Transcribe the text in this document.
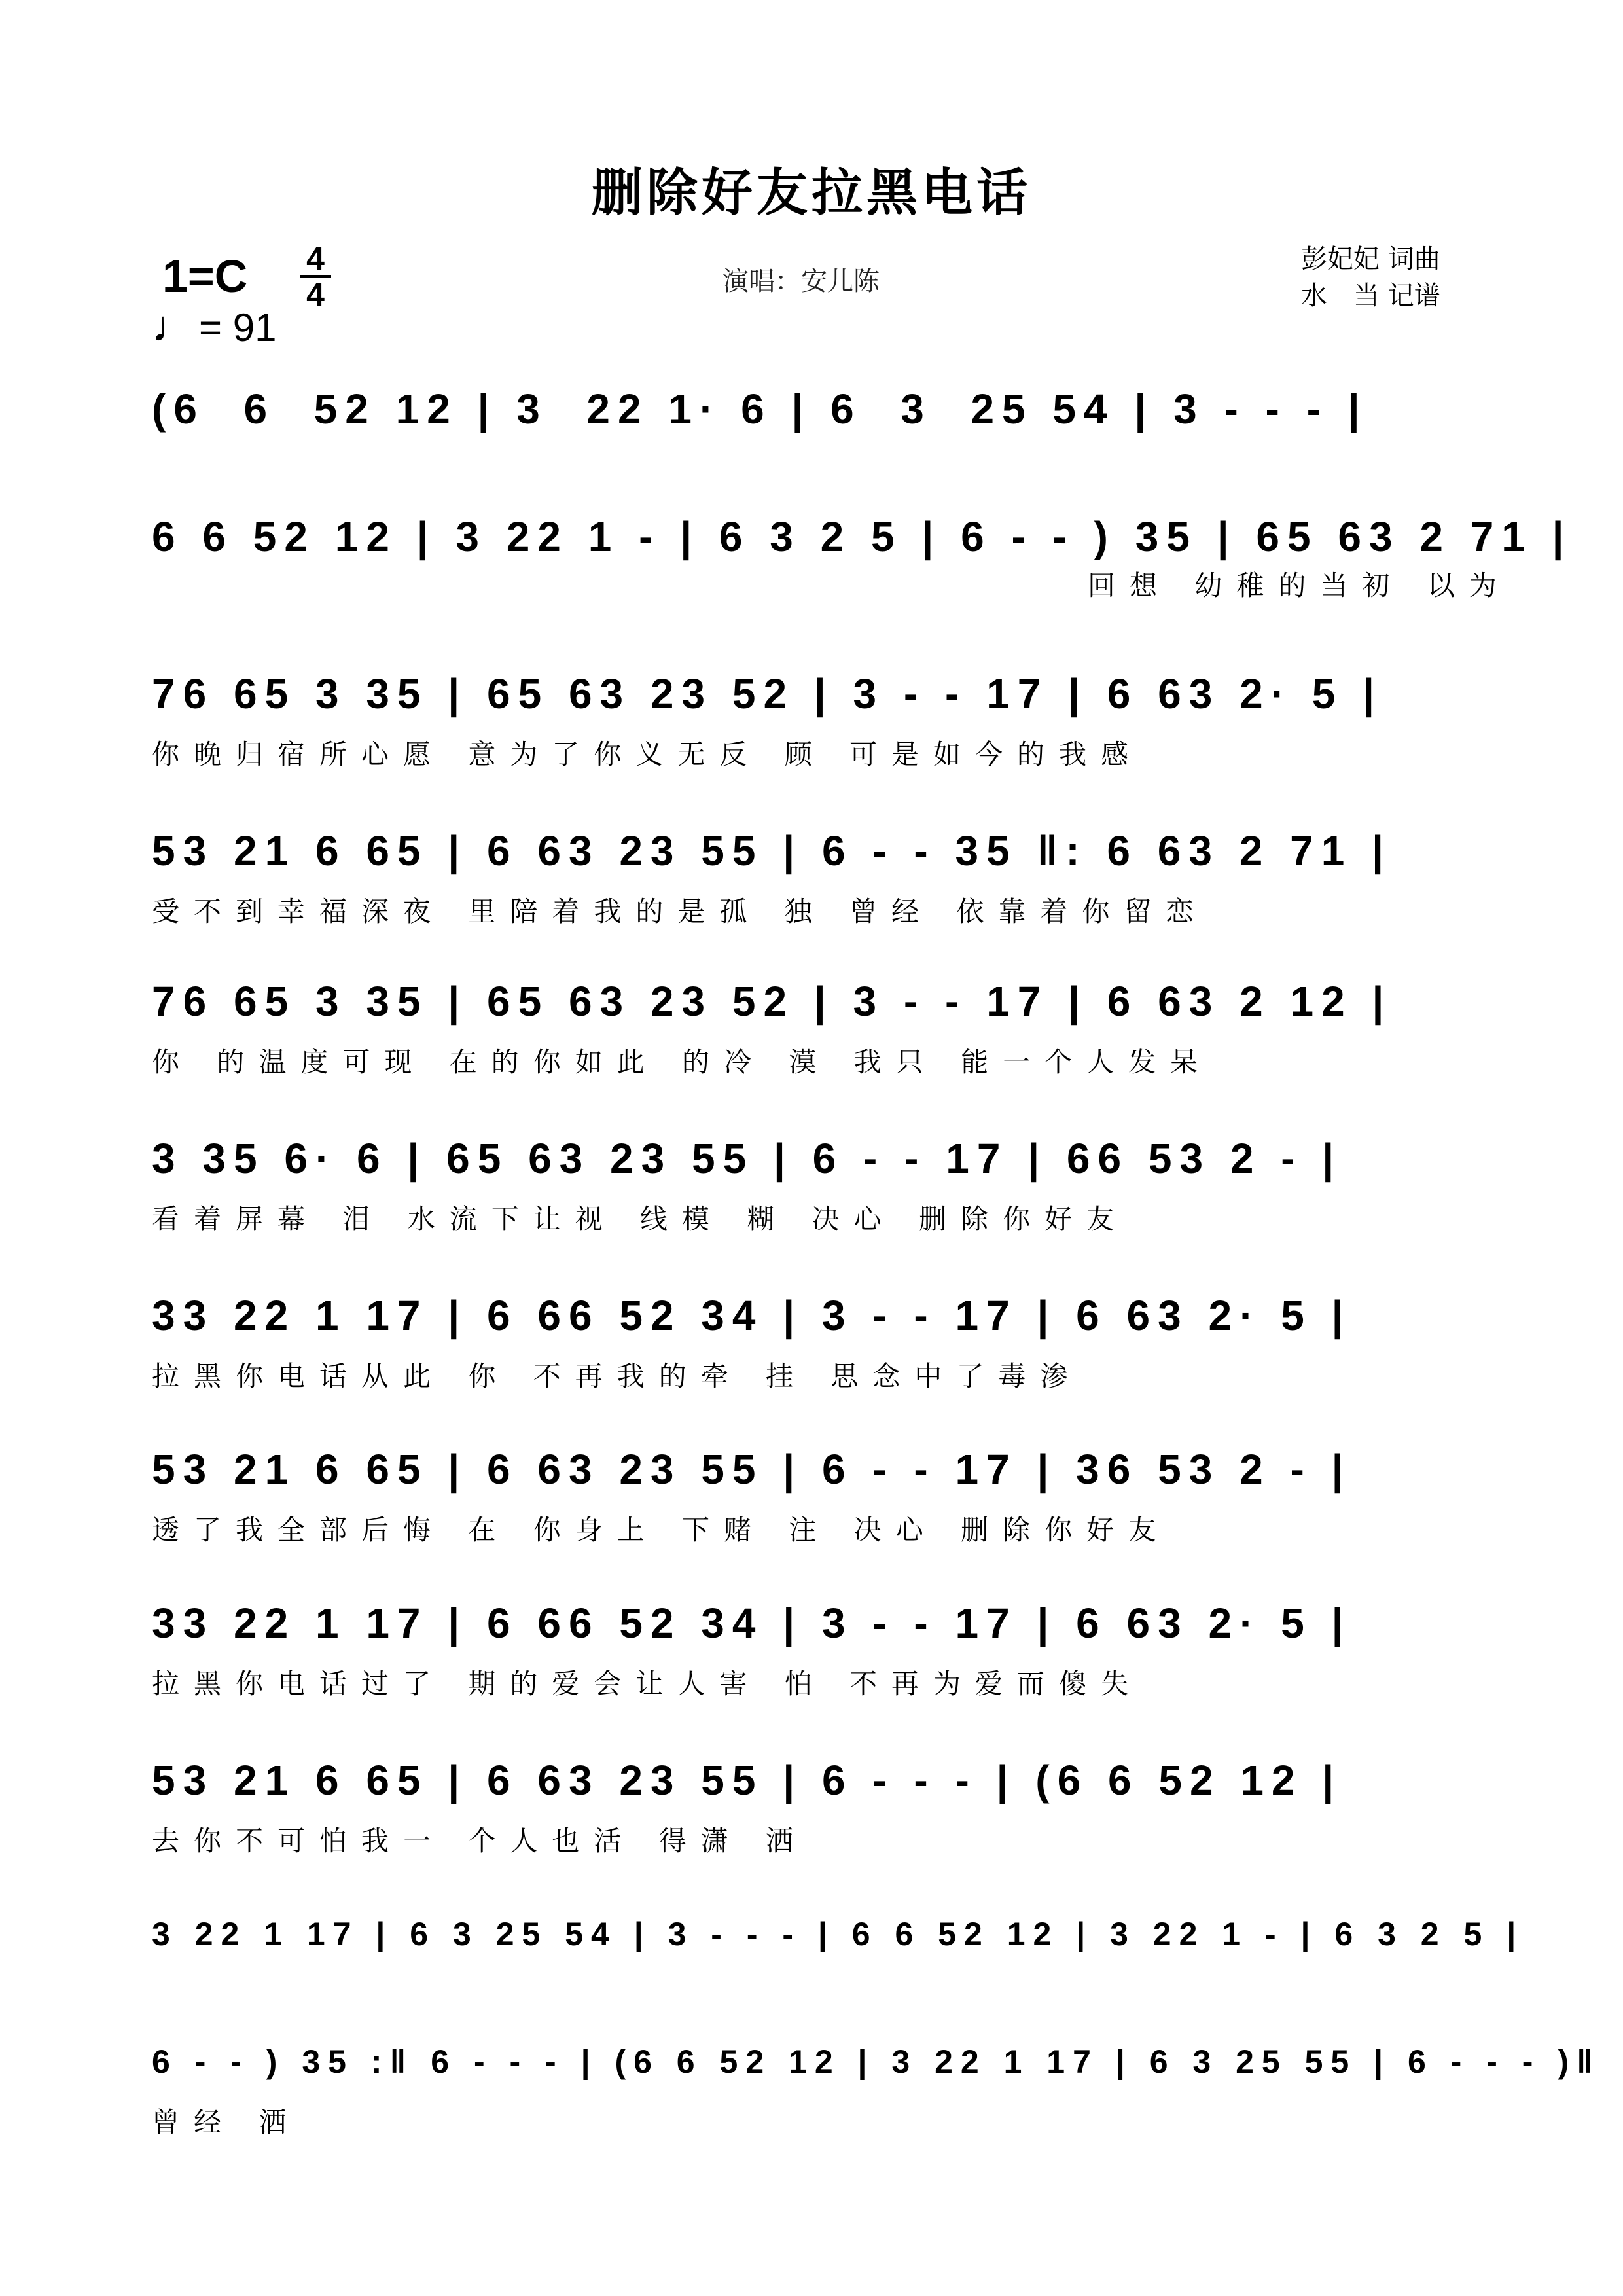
删除好友拉黑电话
1=C	4
4
♩ = 91
演唱：安儿陈
彭妃妃 词曲
水　当 记谱
(6  6  52 12 | 3  22 1· 6 | 6  3  25 54 | 3 - - - |
6 6 52 12 | 3 22 1 - | 6 3 2 5 | 6 - - ) 35 | 65 63 2 71 |
回想 幼稚的当初 以为
76 65 3 35 | 65 63 23 52 | 3 - - 17 | 6 63 2· 5 |
你晚归宿所心愿 意为了你义无反 顾 可是如今的我感
53 21 6 65 | 6 63 23 55 | 6 - - 35 ‖: 6 63 2 71 |
受不到幸福深夜 里陪着我的是孤 独 曾经 依靠着你留恋
76 65 3 35 | 65 63 23 52 | 3 - - 17 | 6 63 2 12 |
你 的温度可现 在的你如此 的冷 漠 我只 能一个人发呆
3 35 6· 6 | 65 63 23 55 | 6 - - 17 | 66 53 2 - |
看着屏幕 泪 水流下让视 线模 糊 决心 删除你好友
33 22 1 17 | 6 66 52 34 | 3 - - 17 | 6 63 2· 5 |
拉黑你电话从此 你 不再我的牵 挂 思念中了毒渗
53 21 6 65 | 6 63 23 55 | 6 - - 17 | 36 53 2 - |
透了我全部后悔 在 你身上 下赌 注 决心 删除你好友
33 22 1 17 | 6 66 52 34 | 3 - - 17 | 6 63 2· 5 |
拉黑你电话过了 期的爱会让人害 怕 不再为爱而傻失
53 21 6 65 | 6 63 23 55 | 6 - - - | (6 6 52 12 |
去你不可怕我一 个人也活 得潇 洒
3 22 1 17 | 6 3 25 54 | 3 - - - | 6 6 52 12 | 3 22 1 - | 6 3 2 5 |
6 - - ) 35 :‖ 6 - - - | (6 6 52 12 | 3 22 1 17 | 6 3 25 55 | 6 - - - )‖
曾经 洒
